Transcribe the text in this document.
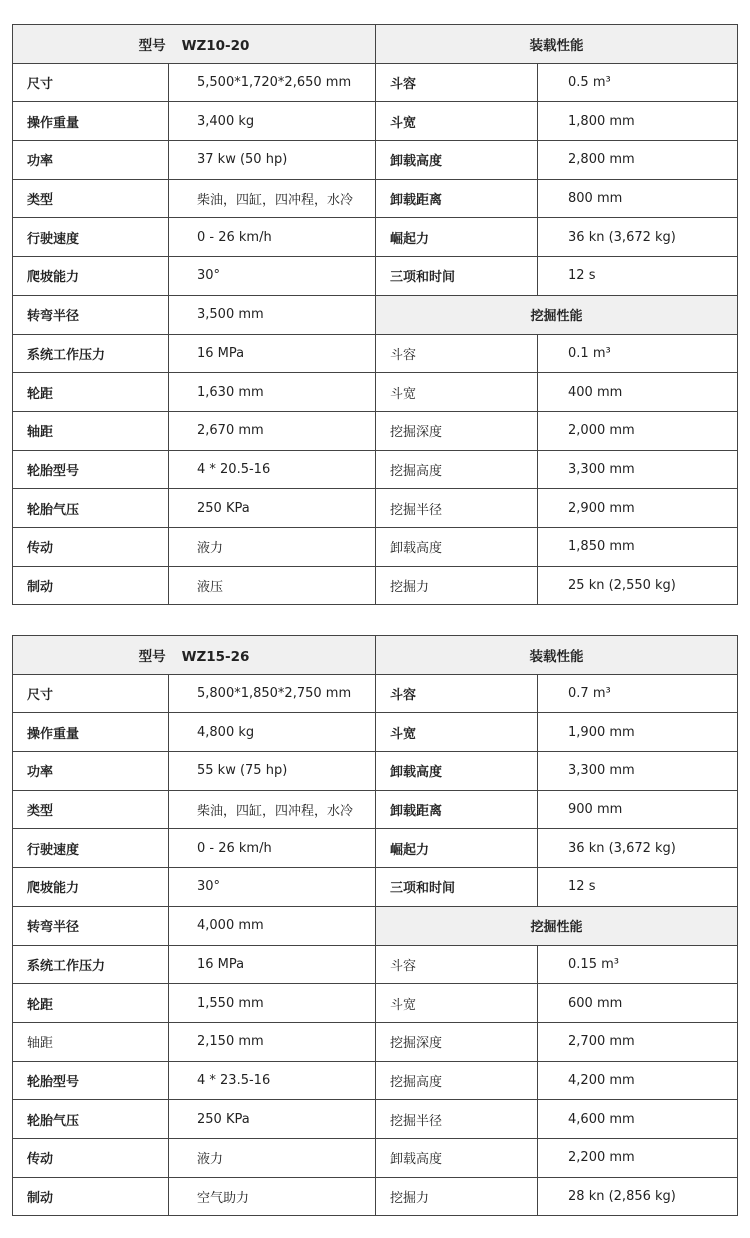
型号 WZ10-20		装载性能	
尺寸	5,500*1,720*2,650 mm	斗容	0.5 m³
操作重量	3,400 kg	斗宽	1,800 mm
功率	37 kw (50 hp)	卸载高度	2,800 mm
类型	柴油，四缸，四冲程，水冷	卸载距离	800 mm
行驶速度	0 - 26 km/h	崛起力	36 kn (3,672 kg)
爬坡能力	30°	三项和时间	12 s
转弯半径	3,500 mm	挖掘性能	
系统工作压力	16 MPa	斗容	0.1 m³
轮距	1,630 mm	斗宽	400 mm
轴距	2,670 mm	挖掘深度	2,000 mm
轮胎型号	4 * 20.5-16	挖掘高度	3,300 mm
轮胎气压	250 KPa	挖掘半径	2,900 mm
传动	液力	卸载高度	1,850 mm
制动	液压	挖掘力	25 kn (2,550 kg)
型号 WZ15-26		装载性能	
尺寸	5,800*1,850*2,750 mm	斗容	0.7 m³
操作重量	4,800 kg	斗宽	1,900 mm
功率	55 kw (75 hp)	卸载高度	3,300 mm
类型	柴油，四缸，四冲程，水冷	卸载距离	900 mm
行驶速度	0 - 26 km/h	崛起力	36 kn (3,672 kg)
爬坡能力	30°	三项和时间	12 s
转弯半径	4,000 mm	挖掘性能	
系统工作压力	16 MPa	斗容	0.15 m³
轮距	1,550 mm	斗宽	600 mm
轴距	2,150 mm	挖掘深度	2,700 mm
轮胎型号	4 * 23.5-16	挖掘高度	4,200 mm
轮胎气压	250 KPa	挖掘半径	4,600 mm
传动	液力	卸载高度	2,200 mm
制动	空气助力	挖掘力	28 kn (2,856 kg)
